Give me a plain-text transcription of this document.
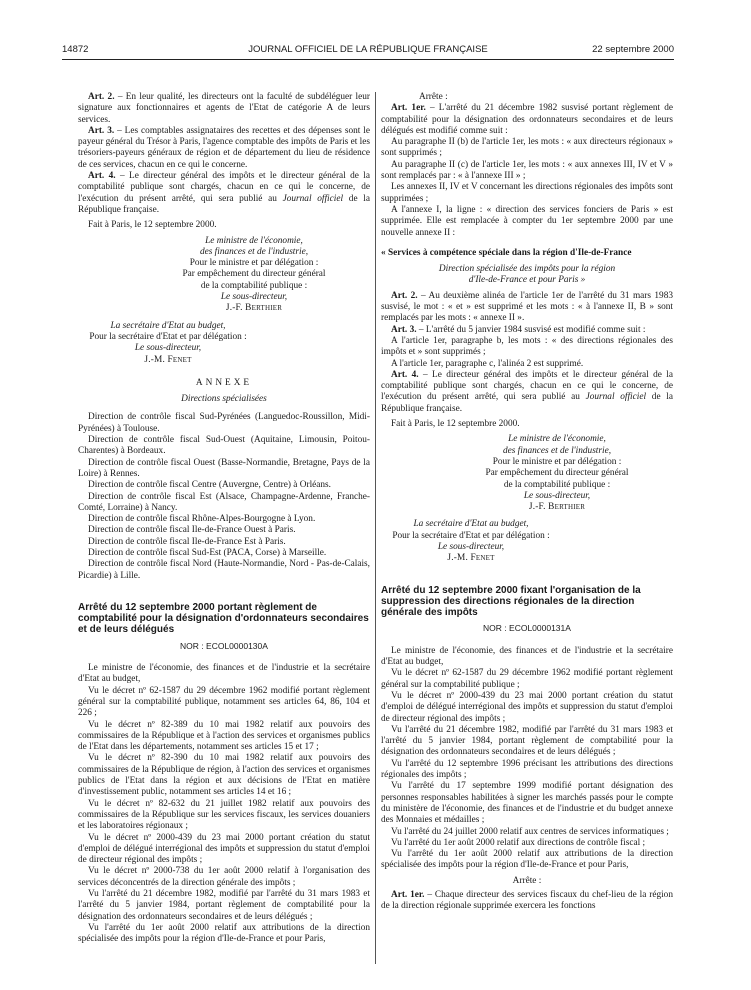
14872	JOURNAL OFFICIEL DE LA RÉPUBLIQUE FRANÇAISE	22 septembre 2000

Art. 2. – En leur qualité, les directeurs ont la faculté de subdéléguer leur signature aux fonctionnaires et agents de l'Etat de catégorie A de leurs services.

Art. 3. – Les comptables assignataires des recettes et des dépenses sont le payeur général du Trésor à Paris, l'agence comptable des impôts de Paris et les trésoriers-payeurs généraux de région et de département du lieu de résidence de ces services, chacun en ce qui le concerne.

Art. 4. – Le directeur général des impôts et le directeur général de la comptabilité publique sont chargés, chacun en ce qui le concerne, de l'exécution du présent arrêté, qui sera publié au Journal officiel de la République française.

Fait à Paris, le 12 septembre 2000.

Le ministre de l'économie,
des finances et de l'industrie,
Pour le ministre et par délégation :
Par empêchement du directeur général
de la comptabilité publique :
Le sous-directeur,
J.-F. Berthier
La secrétaire d'Etat au budget,
Pour la secrétaire d'Etat et par délégation :
Le sous-directeur,
J.-M. Fenet
ANNEXE
Directions spécialisées

Direction de contrôle fiscal Sud-Pyrénées (Languedoc-Roussillon, Midi-Pyrénées) à Toulouse.

Direction de contrôle fiscal Sud-Ouest (Aquitaine, Limousin, Poitou-Charentes) à Bordeaux.

Direction de contrôle fiscal Ouest (Basse-Normandie, Bretagne, Pays de la Loire) à Rennes.

Direction de contrôle fiscal Centre (Auvergne, Centre) à Orléans.

Direction de contrôle fiscal Est (Alsace, Champagne-Ardenne, Franche-Comté, Lorraine) à Nancy.

Direction de contrôle fiscal Rhône-Alpes-Bourgogne à Lyon.

Direction de contrôle fiscal Ile-de-France Ouest à Paris.

Direction de contrôle fiscal Ile-de-France Est à Paris.

Direction de contrôle fiscal Sud-Est (PACA, Corse) à Marseille.

Direction de contrôle fiscal Nord (Haute-Normandie, Nord - Pas-de-Calais, Picardie) à Lille.

Arrêté du 12 septembre 2000 portant règlement de comptabilité pour la désignation d'ordonnateurs secondaires et de leurs délégués
NOR : ECOL0000130A

Le ministre de l'économie, des finances et de l'industrie et la secrétaire d'Etat au budget,

Vu le décret nº 62-1587 du 29 décembre 1962 modifié portant règlement général sur la comptabilité publique, notamment ses articles 64, 86, 104 et 226 ;

Vu le décret nº 82-389 du 10 mai 1982 relatif aux pouvoirs des commissaires de la République et à l'action des services et organismes publics de l'Etat dans les départements, notamment ses articles 15 et 17 ;

Vu le décret nº 82-390 du 10 mai 1982 relatif aux pouvoirs des commissaires de la République de région, à l'action des services et organismes publics de l'Etat dans la région et aux décisions de l'Etat en matière d'investissement public, notamment ses articles 14 et 16 ;

Vu le décret nº 82-632 du 21 juillet 1982 relatif aux pouvoirs des commissaires de la République sur les services fiscaux, les services douaniers et les laboratoires régionaux ;

Vu le décret nº 2000-439 du 23 mai 2000 portant création du statut d'emploi de délégué interrégional des impôts et suppression du statut d'emploi de directeur régional des impôts ;

Vu le décret nº 2000-738 du 1er août 2000 relatif à l'organisation des services déconcentrés de la direction générale des impôts ;

Vu l'arrêté du 21 décembre 1982, modifié par l'arrêté du 31 mars 1983 et l'arrêté du 5 janvier 1984, portant règlement de comptabilité pour la désignation des ordonnateurs secondaires et de leurs délégués ;

Vu l'arrêté du 1er août 2000 relatif aux attributions de la direction spécialisée des impôts pour la région d'Ile-de-France et pour Paris,

Arrête :

Art. 1er. – L'arrêté du 21 décembre 1982 susvisé portant règlement de comptabilité pour la désignation des ordonnateurs secondaires et de leurs délégués est modifié comme suit :

Au paragraphe II (b) de l'article 1er, les mots : « aux directeurs régionaux » sont supprimés ;

Au paragraphe II (c) de l'article 1er, les mots : « aux annexes III, IV et V » sont remplacés par : « à l'annexe III » ;

Les annexes II, IV et V concernant les directions régionales des impôts sont supprimées ;

A l'annexe I, la ligne : « direction des services fonciers de Paris » est supprimée. Elle est remplacée à compter du 1er septembre 2000 par une nouvelle annexe II :

« Services à compétence spéciale dans la région d'Ile-de-France

Direction spécialisée des impôts pour la région
d'Ile-de-France et pour Paris »

Art. 2. – Au deuxième alinéa de l'article 1er de l'arrêté du 31 mars 1983 susvisé, le mot : « et » est supprimé et les mots : « à l'annexe II, B » sont remplacés par les mots : « annexe II ».

Art. 3. – L'arrêté du 5 janvier 1984 susvisé est modifié comme suit :

A l'article 1er, paragraphe b, les mots : « des directions régionales des impôts et » sont supprimés ;

A l'article 1er, paragraphe c, l'alinéa 2 est supprimé.

Art. 4. – Le directeur général des impôts et le directeur général de la comptabilité publique sont chargés, chacun en ce qui le concerne, de l'exécution du présent arrêté, qui sera publié au Journal officiel de la République française.

Fait à Paris, le 12 septembre 2000.

Le ministre de l'économie,
des finances et de l'industrie,
Pour le ministre et par délégation :
Par empêchement du directeur général
de la comptabilité publique :
Le sous-directeur,
J.-F. Berthier
La secrétaire d'Etat au budget,
Pour la secrétaire d'Etat et par délégation :
Le sous-directeur,
J.-M. Fenet
Arrêté du 12 septembre 2000 fixant l'organisation de la suppression des directions régionales de la direction générale des impôts
NOR : ECOL0000131A

Le ministre de l'économie, des finances et de l'industrie et la secrétaire d'Etat au budget,

Vu le décret nº 62-1587 du 29 décembre 1962 modifié portant règlement général sur la comptabilité publique ;

Vu le décret nº 2000-439 du 23 mai 2000 portant création du statut d'emploi de délégué interrégional des impôts et suppression du statut d'emploi de directeur régional des impôts ;

Vu l'arrêté du 21 décembre 1982, modifié par l'arrêté du 31 mars 1983 et l'arrêté du 5 janvier 1984, portant règlement de comptabilité pour la désignation des ordonnateurs secondaires et de leurs délégués ;

Vu l'arrêté du 12 septembre 1996 précisant les attributions des directions régionales des impôts ;

Vu l'arrêté du 17 septembre 1999 modifié portant désignation des personnes responsables habilitées à signer les marchés passés pour le compte du ministère de l'économie, des finances et de l'industrie et du budget annexe des Monnaies et médailles ;

Vu l'arrêté du 24 juillet 2000 relatif aux centres de services informatiques ;

Vu l'arrêté du 1er août 2000 relatif aux directions de contrôle fiscal ;

Vu l'arrêté du 1er août 2000 relatif aux attributions de la direction spécialisée des impôts pour la région d'Ile-de-France et pour Paris,

Arrête :

Art. 1er. – Chaque directeur des services fiscaux du chef-lieu de la région de la direction régionale supprimée exercera les fonctions
